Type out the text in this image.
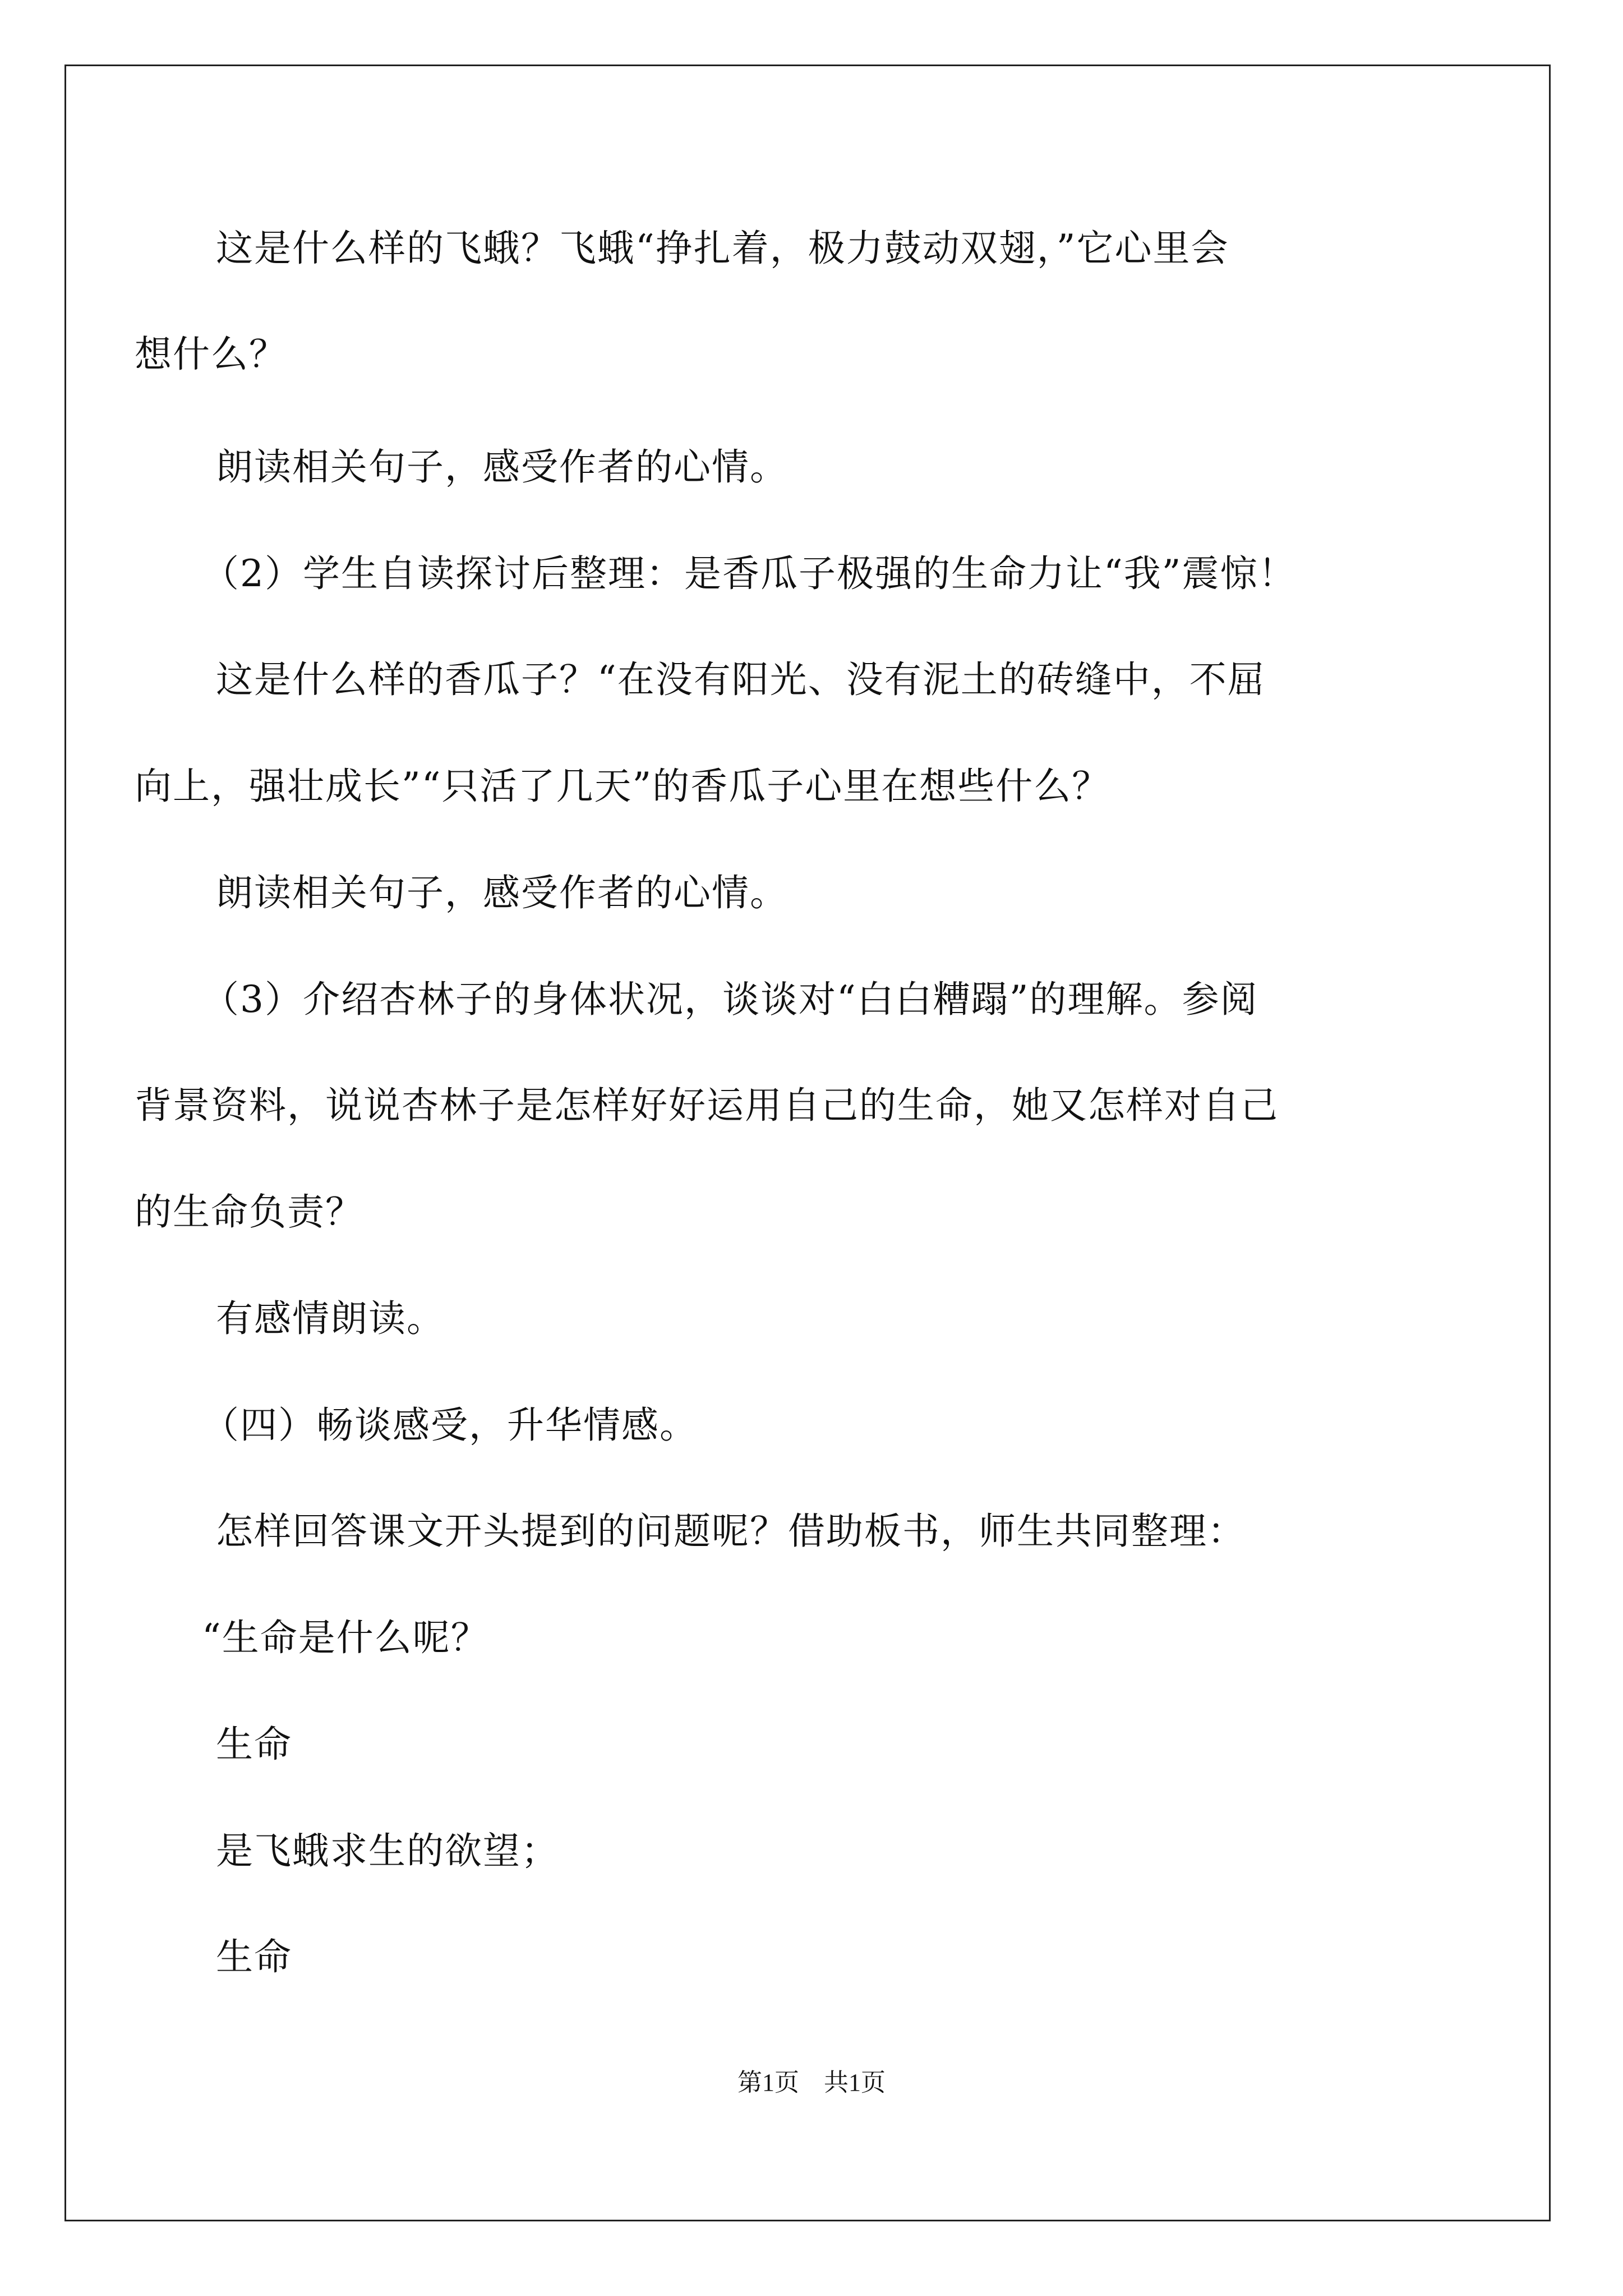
这是什么样的飞蛾？飞蛾“挣扎着，极力鼓动双翅，”它心里会
想什么？
朗读相关句子，感受作者的心情。
（2）学生自读探讨后整理：是香瓜子极强的生命力让“我”震惊！
这是什么样的香瓜子？“在没有阳光、没有泥土的砖缝中，不屈
向上，强壮成长”“只活了几天”的香瓜子心里在想些什么？
朗读相关句子，感受作者的心情。
（3）介绍杏林子的身体状况，谈谈对“白白糟蹋”的理解。参阅
背景资料，说说杏林子是怎样好好运用自己的生命，她又怎样对自己
的生命负责？
有感情朗读。
（四）畅谈感受，升华情感。
怎样回答课文开头提到的问题呢？借助板书，师生共同整理：
“生命是什么呢？
生命
是飞蛾求生的欲望；
生命
第1页　共1页
